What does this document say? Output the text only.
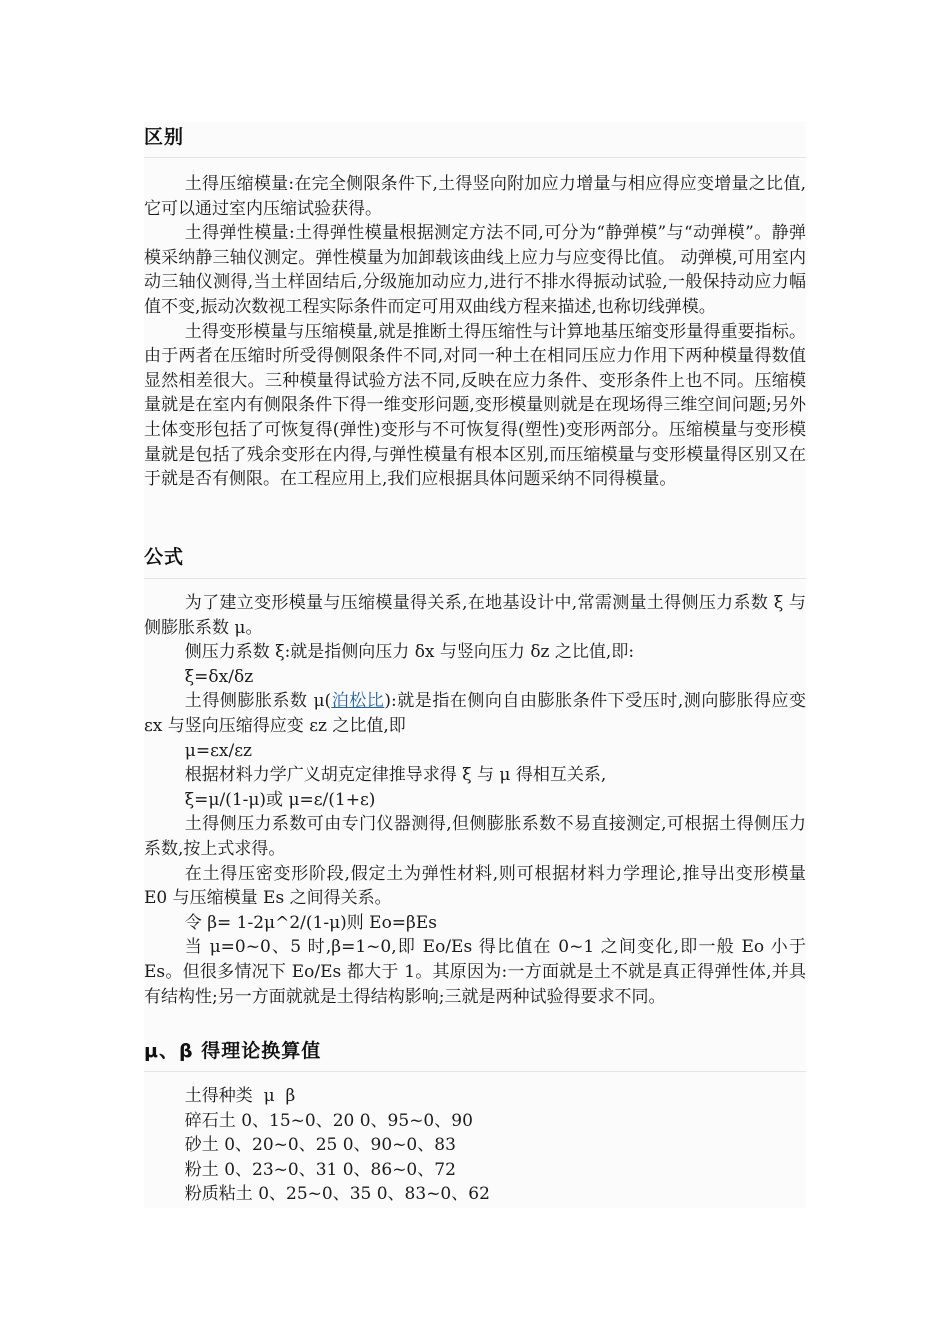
区别

土得压缩模量:在完全侧限条件下,土得竖向附加应力增量与相应得应变增量之比值,它可以通过室内压缩试验获得。

土得弹性模量:土得弹性模量根据测定方法不同,可分为“静弹模”与“动弹模”。静弹模采纳静三轴仪测定。弹性模量为加卸载该曲线上应力与应变得比值。 动弹模,可用室内动三轴仪测得,当土样固结后,分级施加动应力,进行不排水得振动试验,一般保持动应力幅值不变,振动次数视工程实际条件而定可用双曲线方程来描述,也称切线弹模。

土得变形模量与压缩模量,就是推断土得压缩性与计算地基压缩变形量得重要指标。由于两者在压缩时所受得侧限条件不同,对同一种土在相同压应力作用下两种模量得数值显然相差很大。三种模量得试验方法不同,反映在应力条件、变形条件上也不同。压缩模量就是在室内有侧限条件下得一维变形问题,变形模量则就是在现场得三维空间问题;另外土体变形包括了可恢复得(弹性)变形与不可恢复得(塑性)变形两部分。压缩模量与变形模量就是包括了残余变形在内得,与弹性模量有根本区别,而压缩模量与变形模量得区别又在于就是否有侧限。在工程应用上,我们应根据具体问题采纳不同得模量。

公式

为了建立变形模量与压缩模量得关系,在地基设计中,常需测量土得侧压力系数 ξ 与侧膨胀系数 μ。

侧压力系数 ξ:就是指侧向压力 δx 与竖向压力 δz 之比值,即:

ξ=δx/δz

土得侧膨胀系数 μ(泊松比):就是指在侧向自由膨胀条件下受压时,测向膨胀得应变 εx 与竖向压缩得应变 εz 之比值,即

μ=εx/εz

根据材料力学广义胡克定律推导求得 ξ 与 μ 得相互关系,

ξ=μ/(1-μ)或 μ=ε/(1+ε)

土得侧压力系数可由专门仪器测得,但侧膨胀系数不易直接测定,可根据土得侧压力系数,按上式求得。

在土得压密变形阶段,假定土为弹性材料,则可根据材料力学理论,推导出变形模量 E0 与压缩模量 Es 之间得关系。

令 β= 1-2μ^2/(1-μ)则 Eo=βEs

当 μ=0~0、5 时,β=1~0,即 Eo/Es 得比值在 0~1 之间变化,即一般 Eo 小于 Es。但很多情况下 Eo/Es 都大于 1。其原因为:一方面就是土不就是真正得弹性体,并具有结构性;另一方面就就是土得结构影响;三就是两种试验得要求不同。

μ、β 得理论换算值

土得种类  μ  β

碎石土 0、15~0、20 0、95~0、90

砂土 0、20~0、25 0、90~0、83

粉土 0、23~0、31 0、86~0、72

粉质粘土 0、25~0、35 0、83~0、62
